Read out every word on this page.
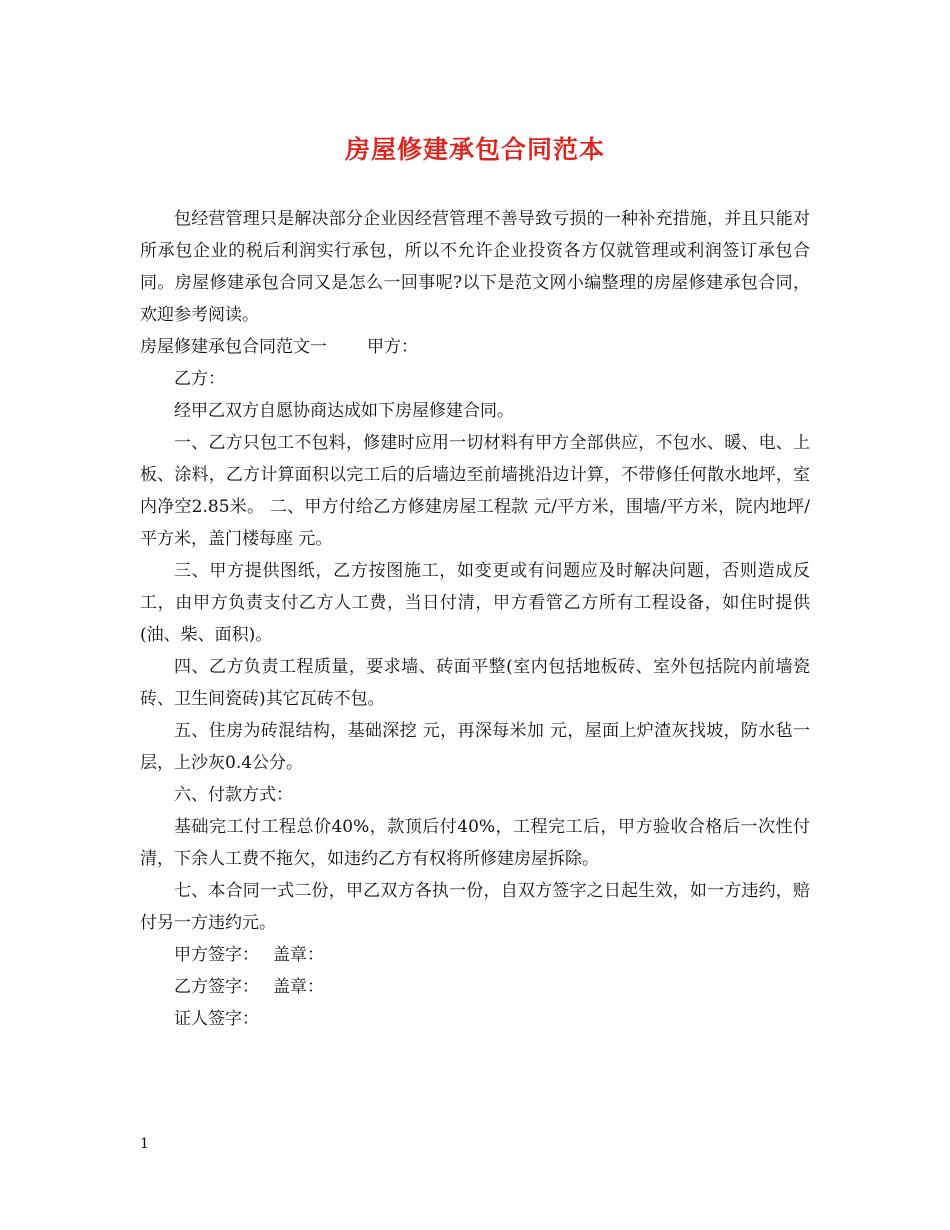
房屋修建承包合同范本

包经营管理只是解决部分企业因经营管理不善导致亏损的一种补充措施，并且只能对所承包企业的税后利润实行承包，所以不允许企业投资各方仅就管理或利润签订承包合同。房屋修建承包合同又是怎么一回事呢?以下是范文网小编整理的房屋修建承包合同，欢迎参考阅读。

房屋修建承包合同范文一 甲方：

乙方：

经甲乙双方自愿协商达成如下房屋修建合同。

一、乙方只包工不包料，修建时应用一切材料有甲方全部供应，不包水、暖、电、上板、涂料，乙方计算面积以完工后的后墙边至前墙挑沿边计算，不带修任何散水地坪，室内净空2.85米。 二、甲方付给乙方修建房屋工程款 元/平方米，围墙/平方米，院内地坪/平方米，盖门楼每座 元。

三、甲方提供图纸，乙方按图施工，如变更或有问题应及时解决问题，否则造成反工，由甲方负责支付乙方人工费，当日付清，甲方看管乙方所有工程设备，如住时提供(油、柴、面积)。

四、乙方负责工程质量，要求墙、砖面平整(室内包括地板砖、室外包括院内前墙瓷砖、卫生间瓷砖)其它瓦砖不包。

五、住房为砖混结构，基础深挖 元，再深每米加 元，屋面上炉渣灰找坡，防水毡一层，上沙灰0.4公分。

六、付款方式：

基础完工付工程总价40%，款顶后付40%，工程完工后，甲方验收合格后一次性付清，下余人工费不拖欠，如违约乙方有权将所修建房屋拆除。

七、本合同一式二份，甲乙双方各执一份，自双方签字之日起生效，如一方违约，赔付另一方违约元。

甲方签字： 盖章：

乙方签字： 盖章：

证人签字：

1
